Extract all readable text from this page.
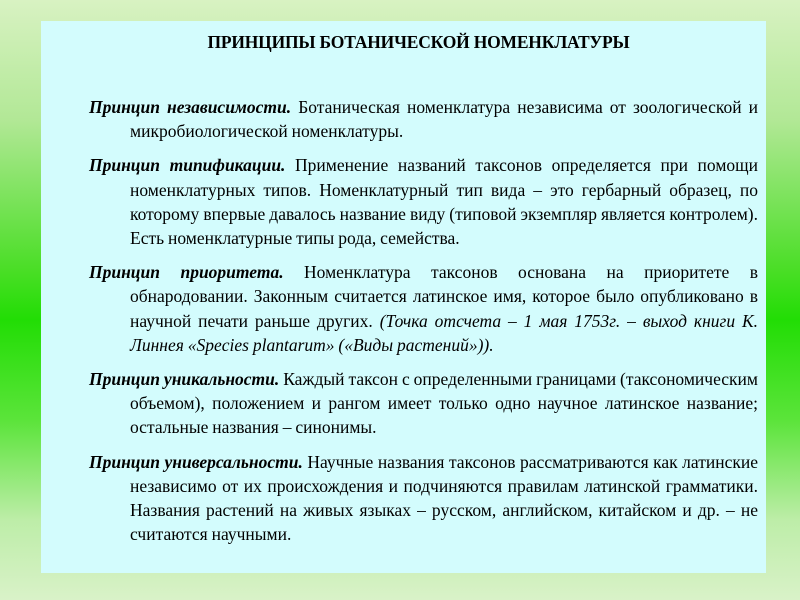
ПРИНЦИПЫ БОТАНИЧЕСКОЙ НОМЕНКЛАТУРЫ

Принцип независимости. Ботаническая номенклатура независима от зоологической и микробиологической номенклатуры.

Принцип типификации. Применение названий таксонов определяется при помощи номенклатурных типов. Номенклатурный тип вида – это гербарный образец, по которому впервые давалось название виду (типовой экземпляр является контролем). Есть номенклатурные типы рода, семейства.

Принцип приоритета. Номенклатура таксонов основана на приоритете в обнародовании. Законным считается латинское имя, которое было опубликовано в научной печати раньше других. (Точка отсчета – 1 мая 1753г. – выход книги К. Линнея «Species plantarum» («Виды растений»)).

Принцип уникальности. Каждый таксон с определенными границами (таксономическим объемом), положением и рангом имеет только одно научное латинское название; остальные названия – синонимы.

Принцип универсальности. Научные названия таксонов рассматриваются как латинские независимо от их происхождения и подчиняются правилам латинской грамматики. Названия растений на живых языках – русском, английском, китайском и др. – не считаются научными.
